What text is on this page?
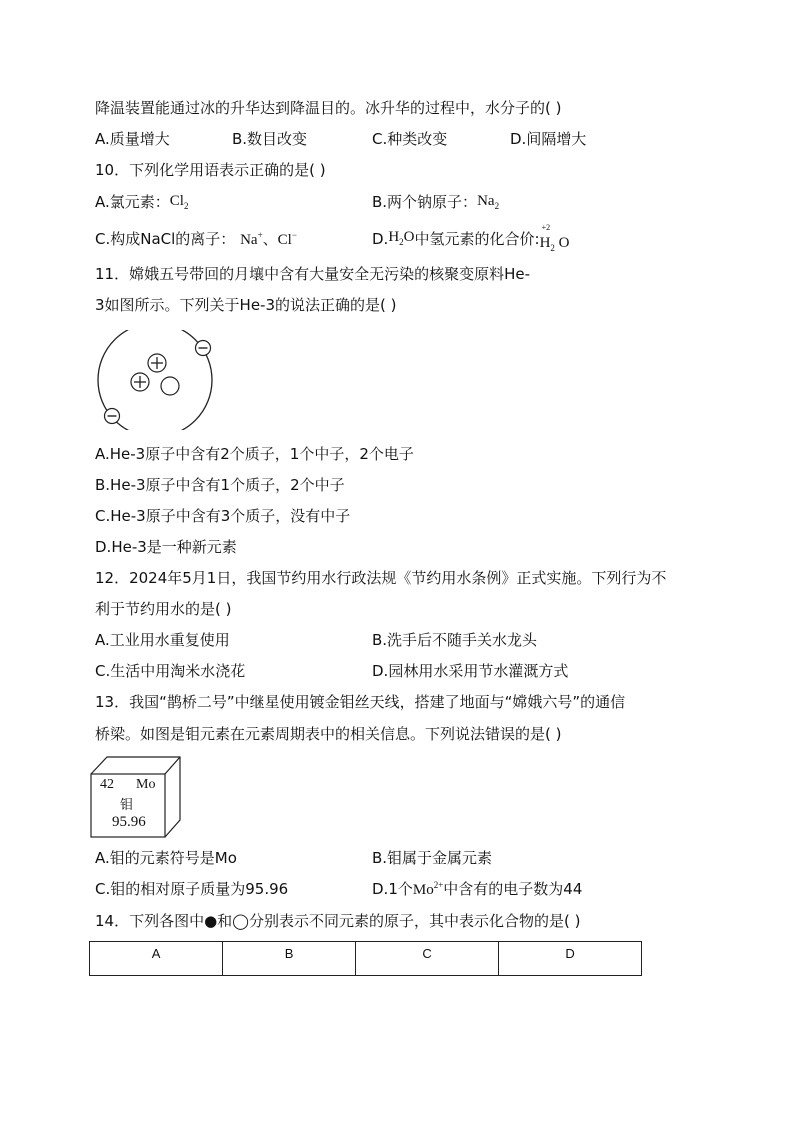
降温装置能通过冰的升华达到降温目的。冰升华的过程中，水分子的( )
A.质量增大	B.数目改变	C.种类改变	D.间隔增大
10．下列化学用语表示正确的是( )
A.氯元素：$Cl_2$	B.两个钠原子：$Na_2$
C.构成NaCl的离子： Na+、Cl−	$D.H_2O$中氢元素的化合价:
+2
$H_2$ O
11．嫦娥五号带回的月壤中含有大量安全无污染的核聚变原料He-
3如图所示。下列关于He-3的说法正确的是( )
A.He-3原子中含有2个质子，1个中子，2个电子
B.He-3原子中含有1个质子，2个中子
C.He-3原子中含有3个质子，没有中子
D.He-3是一种新元素
12．2024年5月1日，我国节约用水行政法规《节约用水条例》正式实施。下列行为不
利于节约用水的是( )
A.工业用水重复使用	B.洗手后不随手关水龙头
C.生活中用淘米水浇花	D.园林用水采用节水灌溉方式
13．我国“鹊桥二号”中继星使用镀金钼丝天线，搭建了地面与“嫦娥六号”的通信
桥梁。如图是钼元素在元素周期表中的相关信息。下列说法错误的是( )
42 Mo
钼
95.96
A.钼的元素符号是Mo	B.钼属于金属元素
C.钼的相对原子质量为95.96	D.1个$Mo^{2+}$中含有的电子数为44
14．下列各图中●和◯分别表示不同元素的原子，其中表示化合物的是( )
A	B	C	D
